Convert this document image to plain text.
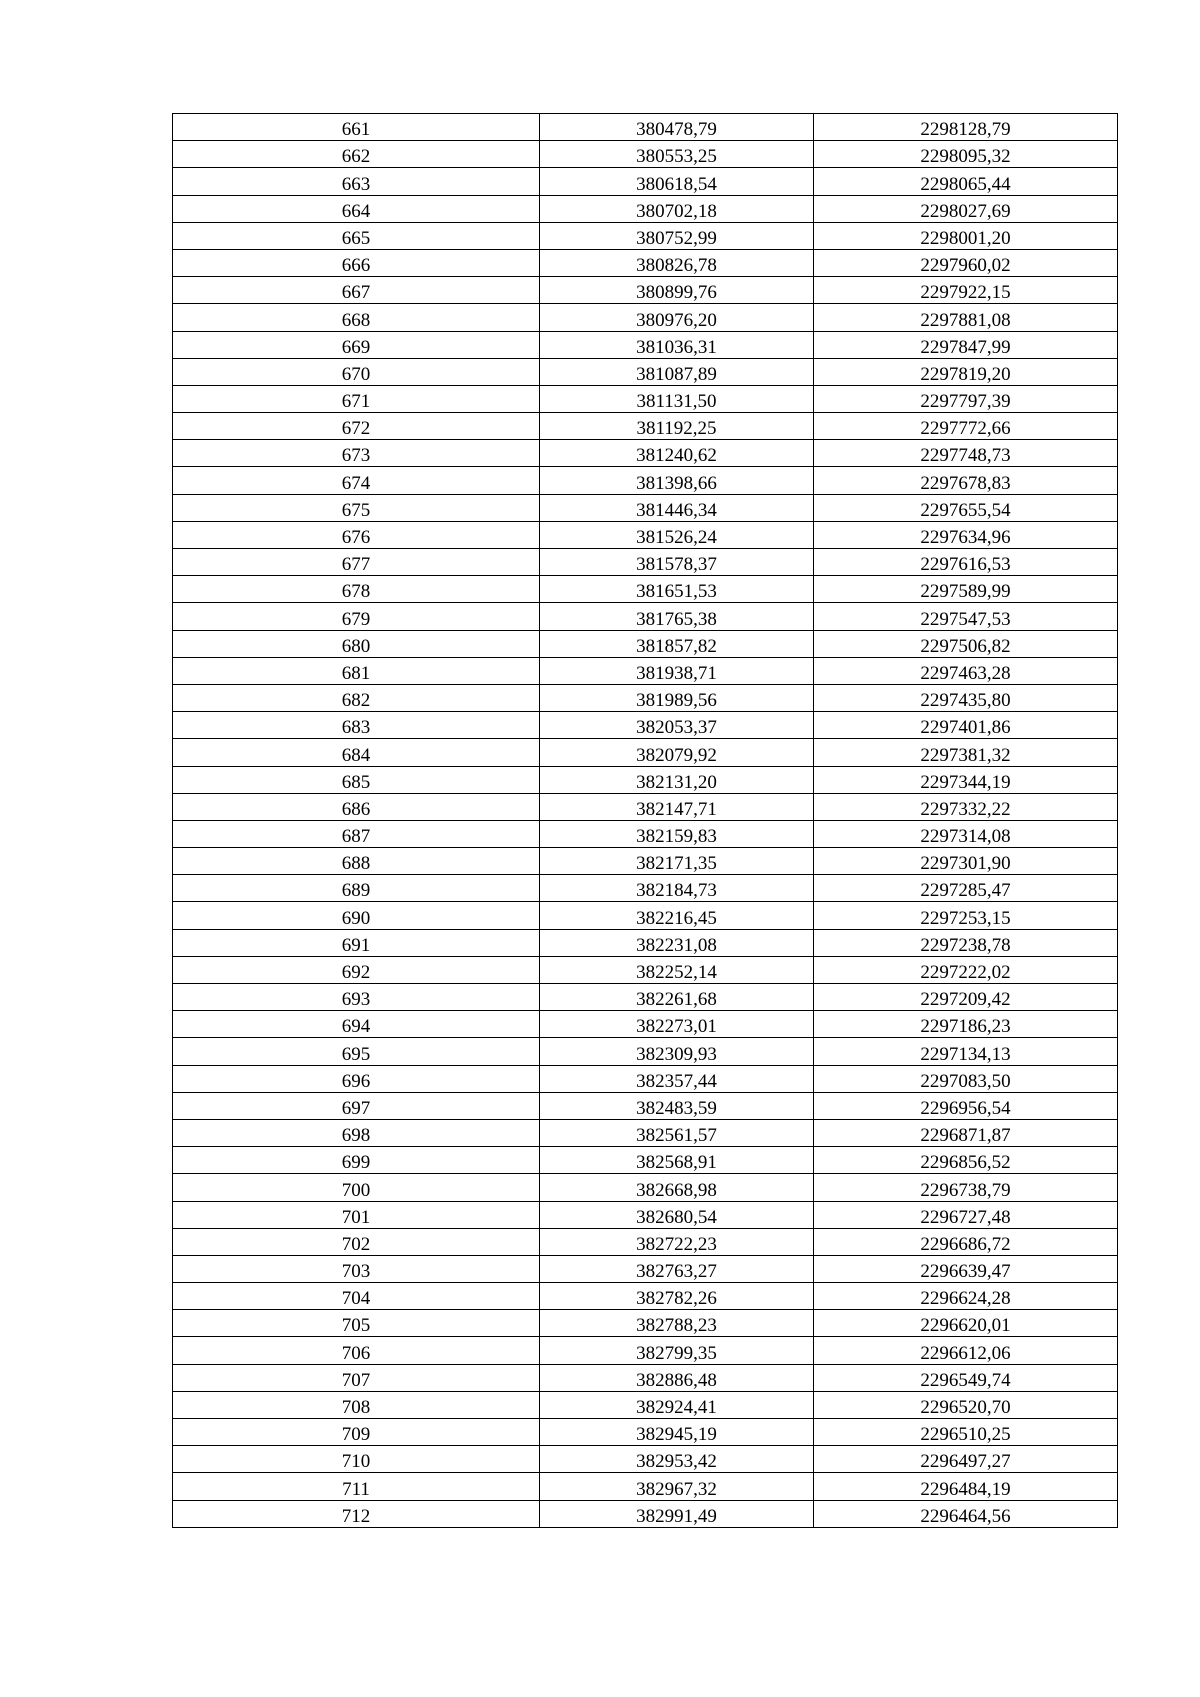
661	380478,79	2298128,79
662	380553,25	2298095,32
663	380618,54	2298065,44
664	380702,18	2298027,69
665	380752,99	2298001,20
666	380826,78	2297960,02
667	380899,76	2297922,15
668	380976,20	2297881,08
669	381036,31	2297847,99
670	381087,89	2297819,20
671	381131,50	2297797,39
672	381192,25	2297772,66
673	381240,62	2297748,73
674	381398,66	2297678,83
675	381446,34	2297655,54
676	381526,24	2297634,96
677	381578,37	2297616,53
678	381651,53	2297589,99
679	381765,38	2297547,53
680	381857,82	2297506,82
681	381938,71	2297463,28
682	381989,56	2297435,80
683	382053,37	2297401,86
684	382079,92	2297381,32
685	382131,20	2297344,19
686	382147,71	2297332,22
687	382159,83	2297314,08
688	382171,35	2297301,90
689	382184,73	2297285,47
690	382216,45	2297253,15
691	382231,08	2297238,78
692	382252,14	2297222,02
693	382261,68	2297209,42
694	382273,01	2297186,23
695	382309,93	2297134,13
696	382357,44	2297083,50
697	382483,59	2296956,54
698	382561,57	2296871,87
699	382568,91	2296856,52
700	382668,98	2296738,79
701	382680,54	2296727,48
702	382722,23	2296686,72
703	382763,27	2296639,47
704	382782,26	2296624,28
705	382788,23	2296620,01
706	382799,35	2296612,06
707	382886,48	2296549,74
708	382924,41	2296520,70
709	382945,19	2296510,25
710	382953,42	2296497,27
711	382967,32	2296484,19
712	382991,49	2296464,56
